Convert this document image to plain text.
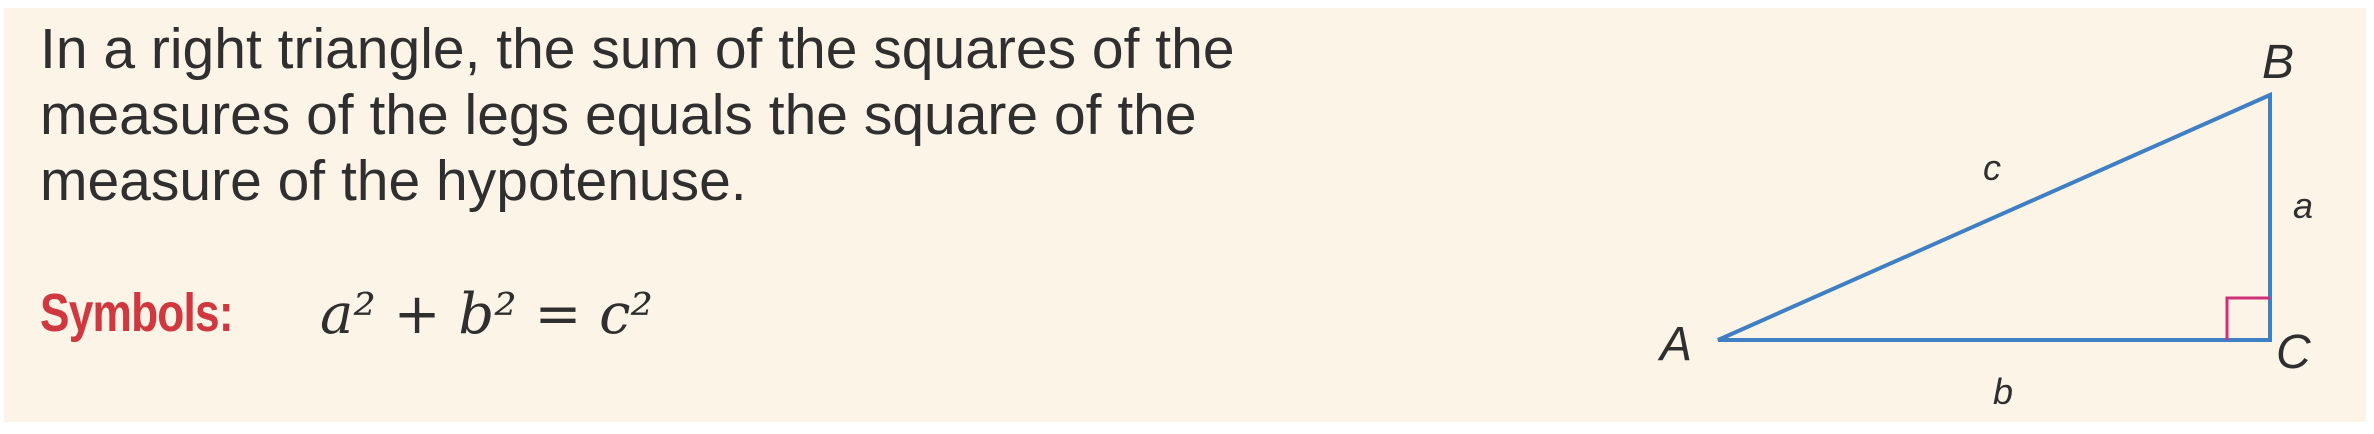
In a right triangle, the sum of the squares of the
measures of the legs equals the square of the
measure of the hypotenuse.

Symbols: a² + b² = c²	A
B
C
c
a
b
